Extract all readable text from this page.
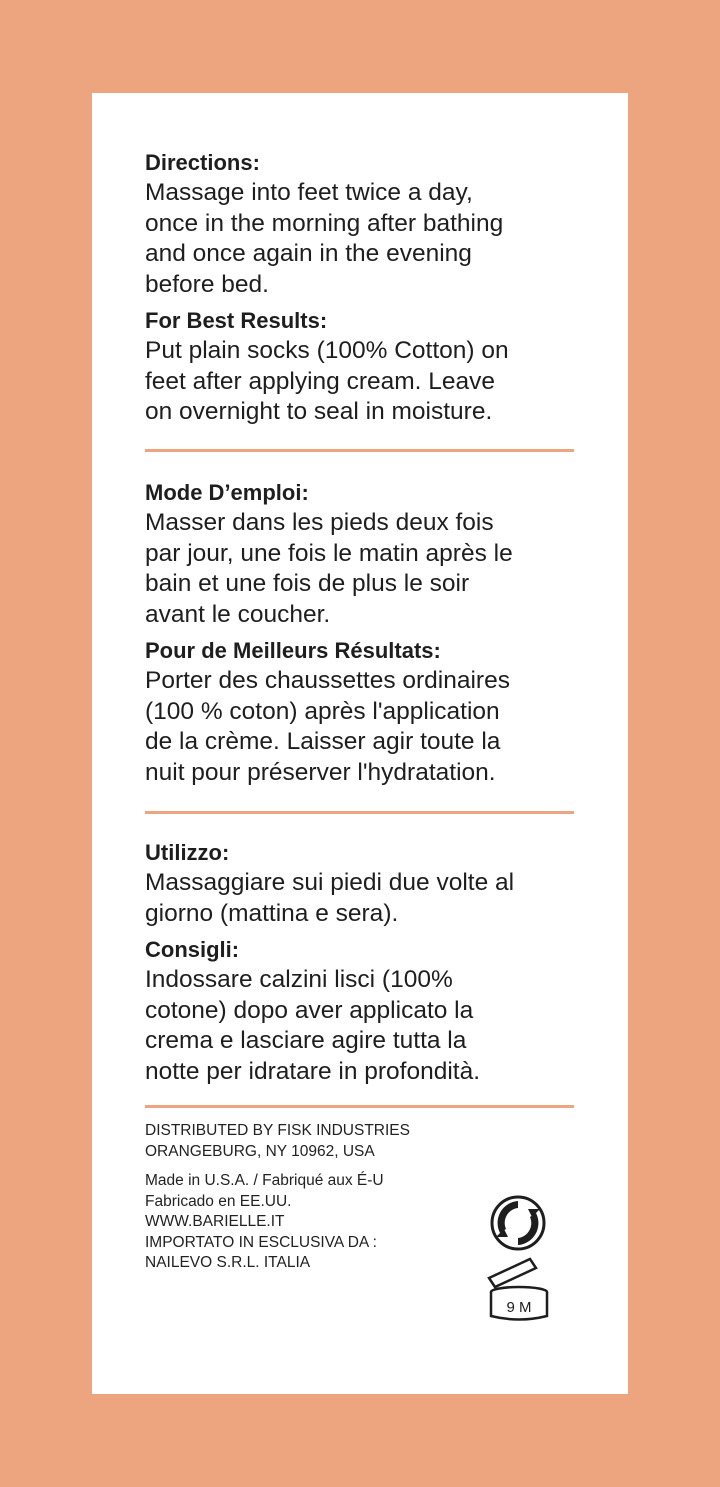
Directions:

Massage into feet twice a day,
once in the morning after bathing
and once again in the evening
before bed.

For Best Results:

Put plain socks (100% Cotton) on
feet after applying cream. Leave
on overnight to seal in moisture.

Mode D’emploi:

Masser dans les pieds deux fois
par jour, une fois le matin après le
bain et une fois de plus le soir
avant le coucher.

Pour de Meilleurs Résultats:

Porter des chaussettes ordinaires
(100 % coton) après l'application
de la crème. Laisser agir toute la
nuit pour préserver l'hydratation.

Utilizzo:

Massaggiare sui piedi due volte al
giorno (mattina e sera).

Consigli:

Indossare calzini lisci (100%
cotone) dopo aver applicato la
crema e lasciare agire tutta la
notte per idratare in profondità.

DISTRIBUTED BY FISK INDUSTRIES
ORANGEBURG, NY 10962, USA

Made in U.S.A. / Fabriqué aux É-U
Fabricado en EE.UU.
WWW.BARIELLE.IT
IMPORTATO IN ESCLUSIVA DA :
NAILEVO S.R.L. ITALIA

9 M
